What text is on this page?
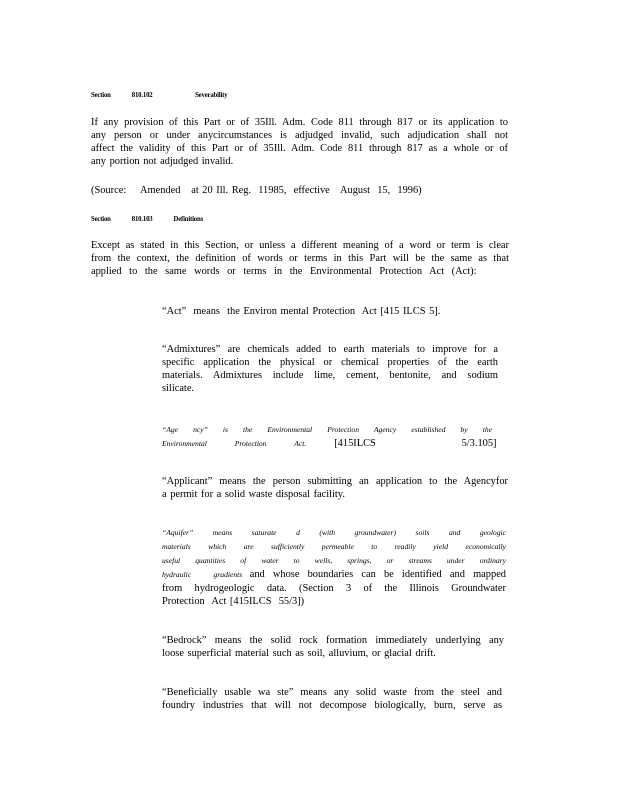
Section	810.102	Severability
If any provision of this Part or of 35Ill. Adm. Code 811 through 817 or its application to
any person or under anycircumstances is adjudged invalid, such adjudication shall not
affect the validity of this Part or of 35Ill. Adm. Code 811 through 817 as a whole or of
any portion not adjudged invalid.
(Source:    Amended   at 20 Ill. Reg.  11985,  effective   August  15,  1996)
Section	810.103	Definitions
Except as stated in this Section, or unless a different meaning of a word or term is clear
from the context, the definition of words or terms in this Part will be the same as that
applied to the same words or terms in the Environmental Protection Act (Act):
“Act”  means  the Environ mental Protection  Act [415 ILCS 5].
“Admixtures” are chemicals added to earth materials to improve for a
specific application the physical or chemical properties of the earth
materials. Admixtures include lime, cement, bentonite, and sodium
silicate.
“Age ncy” is the Environmental Protection Agency established by the
Environmental Protection Act.	[415ILCS   5/3.105]
“Applicant” means the person submitting an application to the Agencyfor
a permit for a solid waste disposal facility.
“Aquifer” means saturate d (with groundwater) soils and geologic
materials which are sufficiently permeable to readily yield economically
useful quantities of water to wells, springs, or streams under ordinary
hydraulic   gradients and whose boundaries can be identified and mapped
from hydrogeologic data. (Section 3 of the Illinois Groundwater
Protection  Act [415ILCS  55/3])
“Bedrock” means the solid rock formation immediately underlying any
loose superficial material such as soil, alluvium, or glacial drift.
“Beneficially usable wa ste” means any solid waste from the steel and
foundry industries that will not decompose biologically, burn, serve as
